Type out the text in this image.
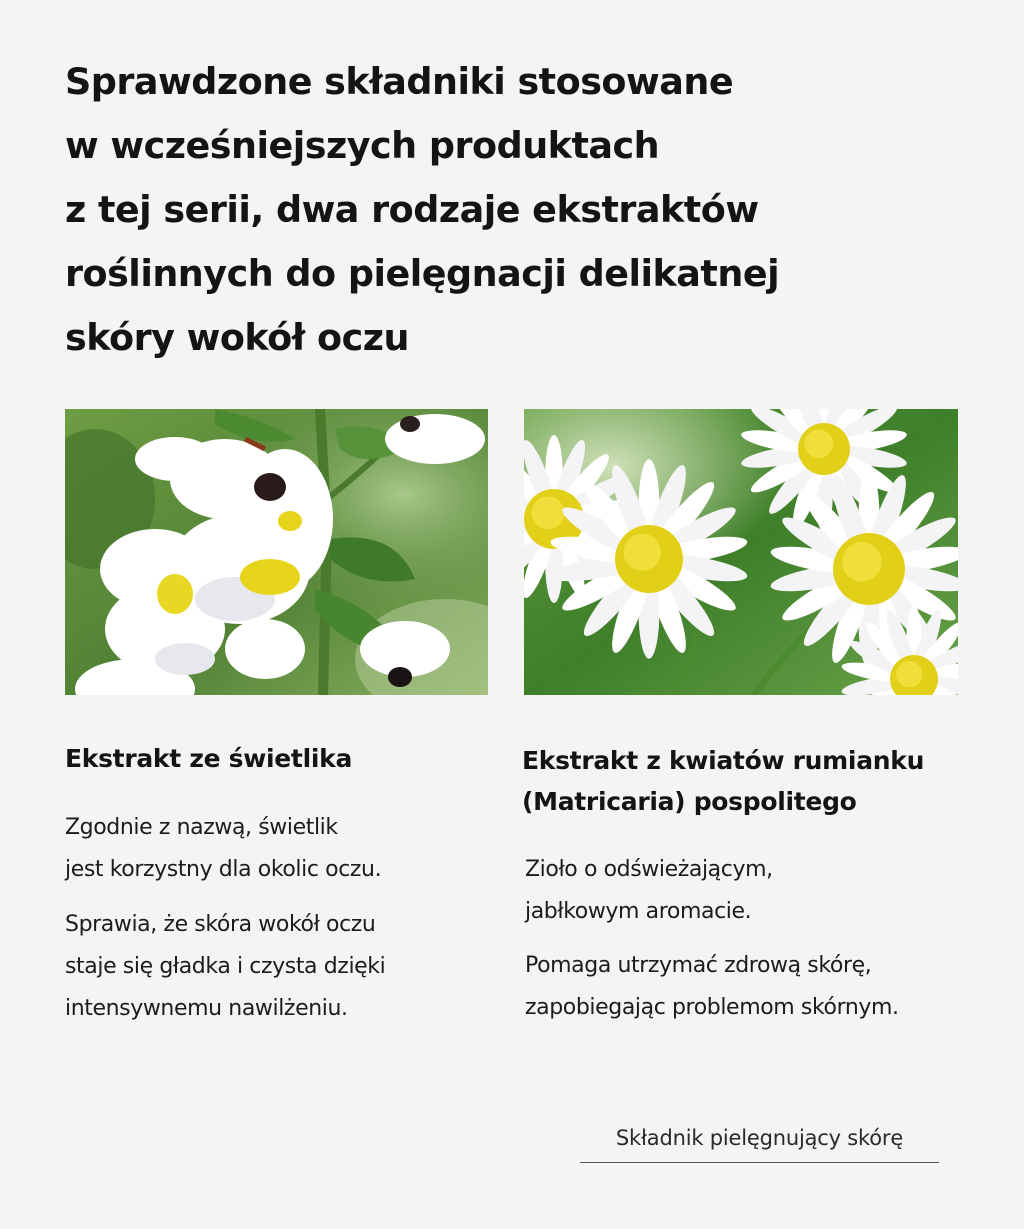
Sprawdzone składniki stosowane
w wcześniejszych produktach
z tej serii, dwa rodzaje ekstraktów
roślinnych do pielęgnacji delikatnej
skóry wokół oczu
Ekstrakt ze świetlika	Ekstrakt z kwiatów rumianku
(Matricaria) pospolitego

Zgodnie z nazwą, świetlik
jest korzystny dla okolic oczu.

Sprawia, że skóra wokół oczu
staje się gładka i czysta dzięki
intensywnemu nawilżeniu.

Zioło o odświeżającym,
jabłkowym aromacie.

Pomaga utrzymać zdrową skórę,
zapobiegając problemom skórnym.

Składnik pielęgnujący skórę
